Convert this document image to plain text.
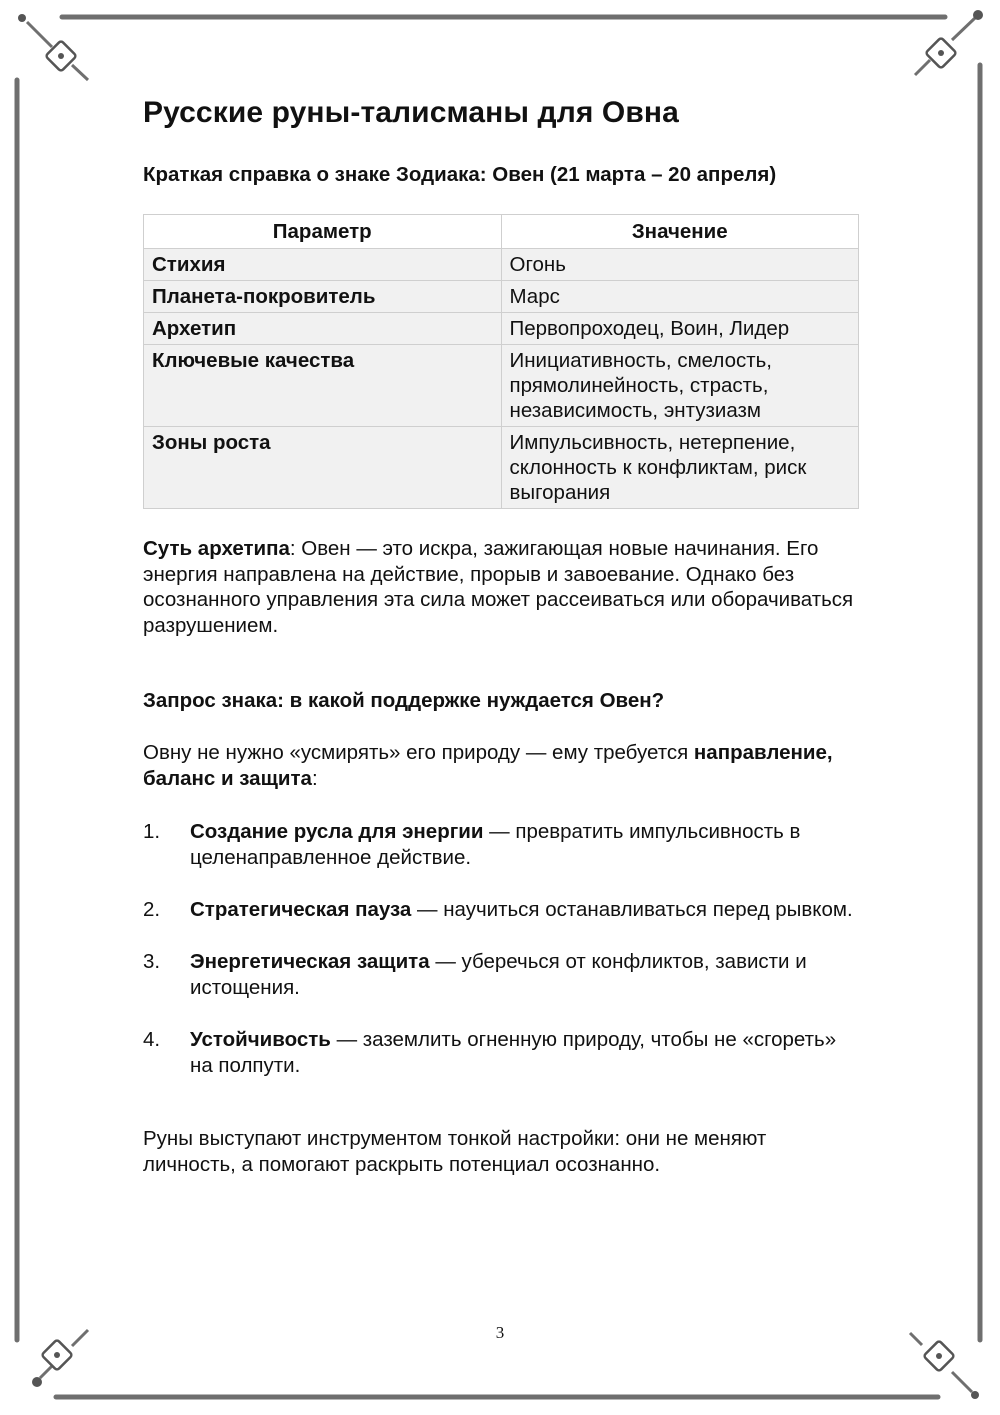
Русские руны-талисманы для Овна
Краткая справка о знаке Зодиака: Овен (21 марта – 20 апреля)
Параметр	Значение
Стихия	Огонь
Планета-покровитель	Марс
Архетип	Первопроходец, Воин, Лидер
Ключевые качества	Инициативность, смелость, прямолинейность, страсть, независимость, энтузиазм
Зоны роста	Импульсивность, нетерпение, склонность к конфликтам, риск выгорания

Суть архетипа: Овен — это искра, зажигающая новые начинания. Его энергия направлена на действие, прорыв и завоевание. Однако без осознанного управления эта сила может рассеиваться или оборачиваться разрушением.

Запрос знака: в какой поддержке нуждается Овен?

Овну не нужно «усмирять» его природу — ему требуется направление, баланс и защита:

1. Создание русла для энергии — превратить импульсивность в целенаправленное действие.
2. Стратегическая пауза — научиться останавливаться перед рывком.
3. Энергетическая защита — уберечься от конфликтов, зависти и истощения.
4. Устойчивость — заземлить огненную природу, чтобы не «сгореть» на полпути.

Руны выступают инструментом тонкой настройки: они не меняют личность, а помогают раскрыть потенциал осознанно.

3
